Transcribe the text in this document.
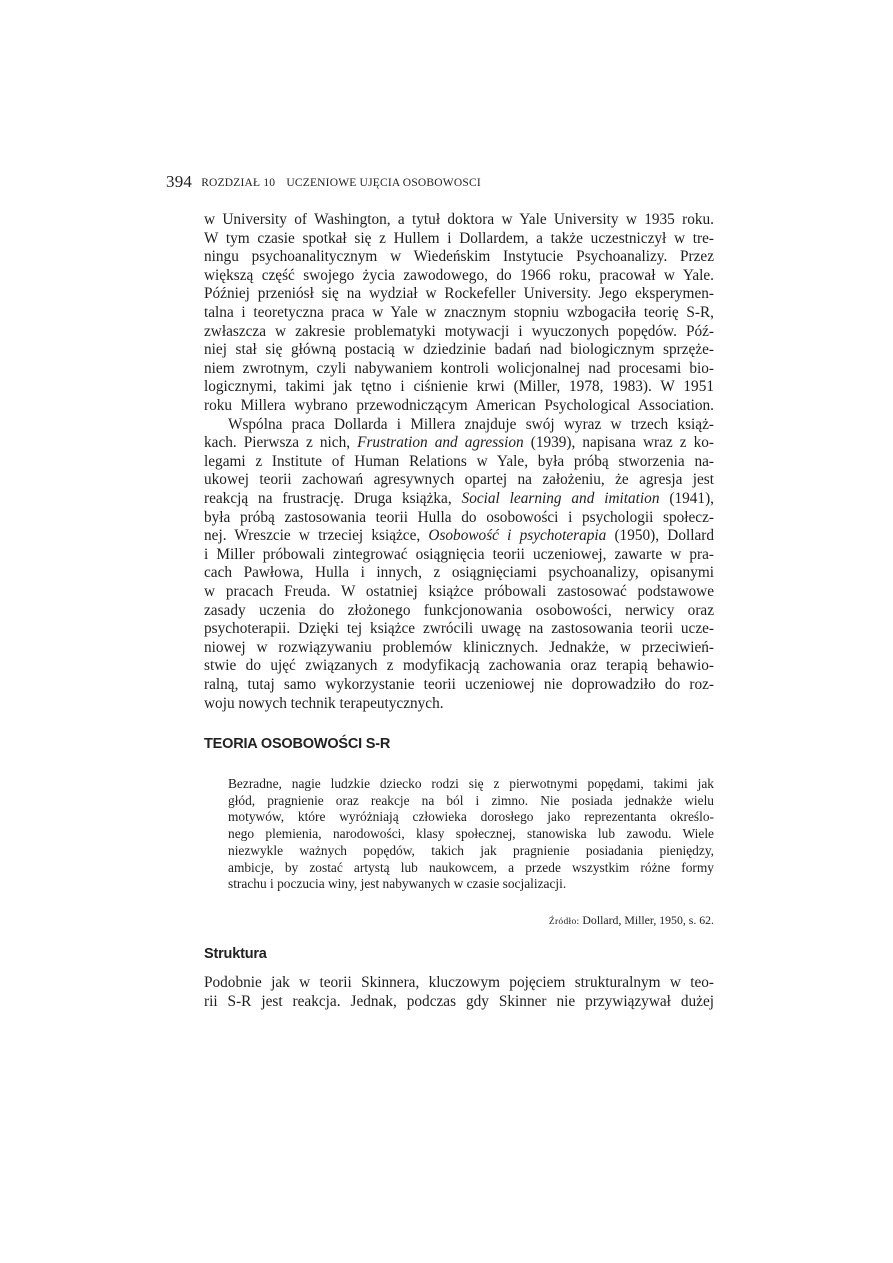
394 ROZDZIAŁ 10 UCZENIOWE UJĘCIA OSOBOWOSCI

w University of Washington, a tytuł doktora w Yale University w 1935 roku.
W tym czasie spotkał się z Hullem i Dollardem, a także uczestniczył w tre-
ningu psychoanalitycznym w Wiedeńskim Instytucie Psychoanalizy. Przez
większą część swojego życia zawodowego, do 1966 roku, pracował w Yale.
Później przeniósł się na wydział w Rockefeller University. Jego eksperymen-
talna i teoretyczna praca w Yale w znacznym stopniu wzbogaciła teorię S-R,
zwłaszcza w zakresie problematyki motywacji i wyuczonych popędów. Póź-
niej stał się główną postacią w dziedzinie badań nad biologicznym sprzęże-
niem zwrotnym, czyli nabywaniem kontroli wolicjonalnej nad procesami bio-
logicznymi, takimi jak tętno i ciśnienie krwi (Miller, 1978, 1983). W 1951
roku Millera wybrano przewodniczącym American Psychological Association.

Wspólna praca Dollarda i Millera znajduje swój wyraz w trzech książ-
kach. Pierwsza z nich, Frustration and agression (1939), napisana wraz z ko-
legami z Institute of Human Relations w Yale, była próbą stworzenia na-
ukowej teorii zachowań agresywnych opartej na założeniu, że agresja jest
reakcją na frustrację. Druga książka, Social learning and imitation (1941),
była próbą zastosowania teorii Hulla do osobowości i psychologii społecz-
nej. Wreszcie w trzeciej książce, Osobowość i psychoterapia (1950), Dollard
i Miller próbowali zintegrować osiągnięcia teorii uczeniowej, zawarte w pra-
cach Pawłowa, Hulla i innych, z osiągnięciami psychoanalizy, opisanymi
w pracach Freuda. W ostatniej książce próbowali zastosować podstawowe
zasady uczenia do złożonego funkcjonowania osobowości, nerwicy oraz
psychoterapii. Dzięki tej książce zwrócili uwagę na zastosowania teorii ucze-
niowej w rozwiązywaniu problemów klinicznych. Jednakże, w przeciwień-
stwie do ujęć związanych z modyfikacją zachowania oraz terapią behawio-
ralną, tutaj samo wykorzystanie teorii uczeniowej nie doprowadziło do roz-
woju nowych technik terapeutycznych.

TEORIA OSOBOWOŚCI S-R
Bezradne, nagie ludzkie dziecko rodzi się z pierwotnymi popędami, takimi jak
głód, pragnienie oraz reakcje na ból i zimno. Nie posiada jednakże wielu
motywów, które wyróżniają człowieka dorosłego jako reprezentanta określo-
nego plemienia, narodowości, klasy społecznej, stanowiska lub zawodu. Wiele
niezwykle ważnych popędów, takich jak pragnienie posiadania pieniędzy,
ambicje, by zostać artystą lub naukowcem, a przede wszystkim różne formy
strachu i poczucia winy, jest nabywanych w czasie socjalizacji.
Źródło: Dollard, Miller, 1950, s. 62.
Struktura

Podobnie jak w teorii Skinnera, kluczowym pojęciem strukturalnym w teo-
rii S-R jest reakcja. Jednak, podczas gdy Skinner nie przywiązywał dużej
